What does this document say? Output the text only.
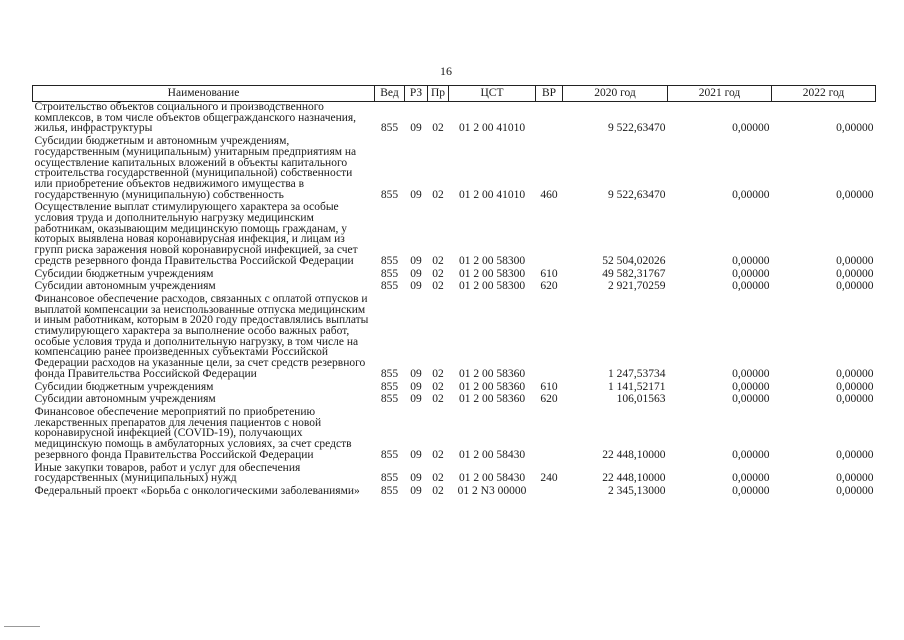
16
Наименование	Вед	РЗ	Пр	ЦСТ	ВР	2020 год	2021 год	2022 год
Строительство объектов социального и производственного комплексов, в том числе объектов общегражданского назначения, жилья, инфраструктуры	855	09	02	01 2 00 41010		9 522,63470	0,00000	0,00000
Субсидии бюджетным и автономным учреждениям, государственным (муниципальным) унитарным предприятиям на осуществление капитальных вложений в объекты капитального строительства государственной (муниципальной) собственности или приобретение объектов недвижимого имущества в государственную (муниципальную) собственность	855	09	02	01 2 00 41010	460	9 522,63470	0,00000	0,00000
Осуществление выплат стимулирующего характера за особые условия труда и дополнительную нагрузку медицинским работникам, оказывающим медицинскую помощь гражданам, у которых выявлена новая коронавирусная инфекция, и лицам из групп риска заражения новой коронавирусной инфекцией, за счет средств резервного фонда Правительства Российской Федерации	855	09	02	01 2 00 58300		52 504,02026	0,00000	0,00000
Субсидии бюджетным учреждениям	855	09	02	01 2 00 58300	610	49 582,31767	0,00000	0,00000
Субсидии автономным учреждениям	855	09	02	01 2 00 58300	620	2 921,70259	0,00000	0,00000
Финансовое обеспечение расходов, связанных с оплатой отпусков и выплатой компенсации за неиспользованные отпуска медицинским и иным работникам, которым в 2020 году предоставлялись выплаты стимулирующего характера за выполнение особо важных работ, особые условия труда и дополнительную нагрузку, в том числе на компенсацию ранее произведенных субъектами Российской Федерации расходов на указанные цели, за счет средств резервного фонда Правительства Российской Федерации	855	09	02	01 2 00 58360		1 247,53734	0,00000	0,00000
Субсидии бюджетным учреждениям	855	09	02	01 2 00 58360	610	1 141,52171	0,00000	0,00000
Субсидии автономным учреждениям	855	09	02	01 2 00 58360	620	106,01563	0,00000	0,00000
Финансовое обеспечение мероприятий по приобретению лекарственных препаратов для лечения пациентов с новой коронавирусной инфекцией (COVID-19), получающих медицинскую помощь в амбулаторных условиях, за счет средств резервного фонда Правительства Российской Федерации	855	09	02	01 2 00 58430		22 448,10000	0,00000	0,00000
Иные закупки товаров, работ и услуг для обеспечения государственных (муниципальных) нужд	855	09	02	01 2 00 58430	240	22 448,10000	0,00000	0,00000
Федеральный проект «Борьба с онкологическими заболеваниями»	855	09	02	01 2 N3 00000		2 345,13000	0,00000	0,00000
